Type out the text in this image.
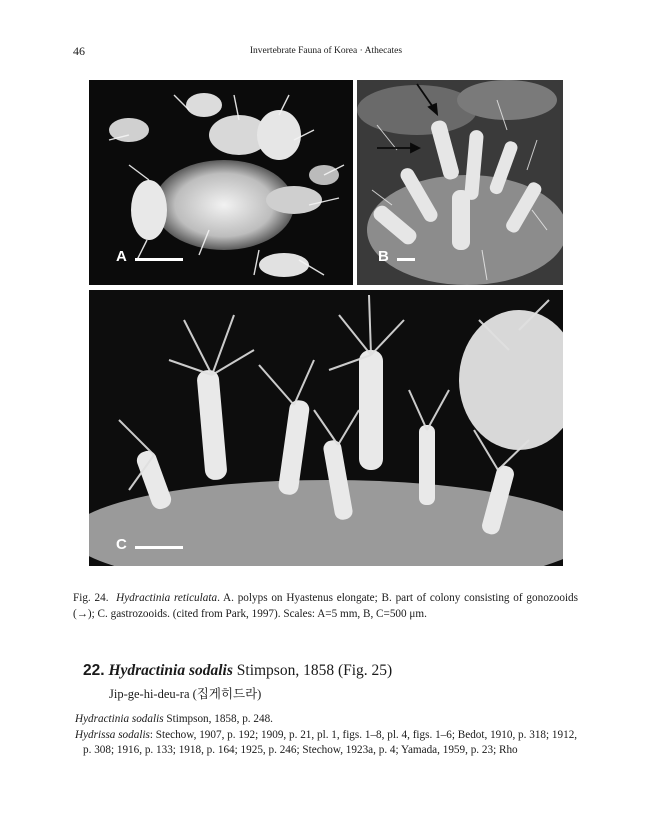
46	Invertebrate Fauna of Korea · Athecates
A	B
C
Fig. 24. Hydractinia reticulata. A. polyps on Hyastenus elongate; B. part of colony consisting of gonozooids (→); C. gastrozooids. (cited from Park, 1997). Scales: A=5 mm, B, C=500 μm.
22. Hydractinia sodalis Stimpson, 1858 (Fig. 25)
Jip-ge-hi-deu-ra (집게히드라)
Hydractinia sodalis Stimpson, 1858, p. 248.
Hydrissa sodalis: Stechow, 1907, p. 192; 1909, p. 21, pl. 1, figs. 1–8, pl. 4, figs. 1–6; Bedot, 1910, p. 318; 1912, p. 308; 1916, p. 133; 1918, p. 164; 1925, p. 246; Stechow, 1923a, p. 4; Yamada, 1959, p. 23; Rho
